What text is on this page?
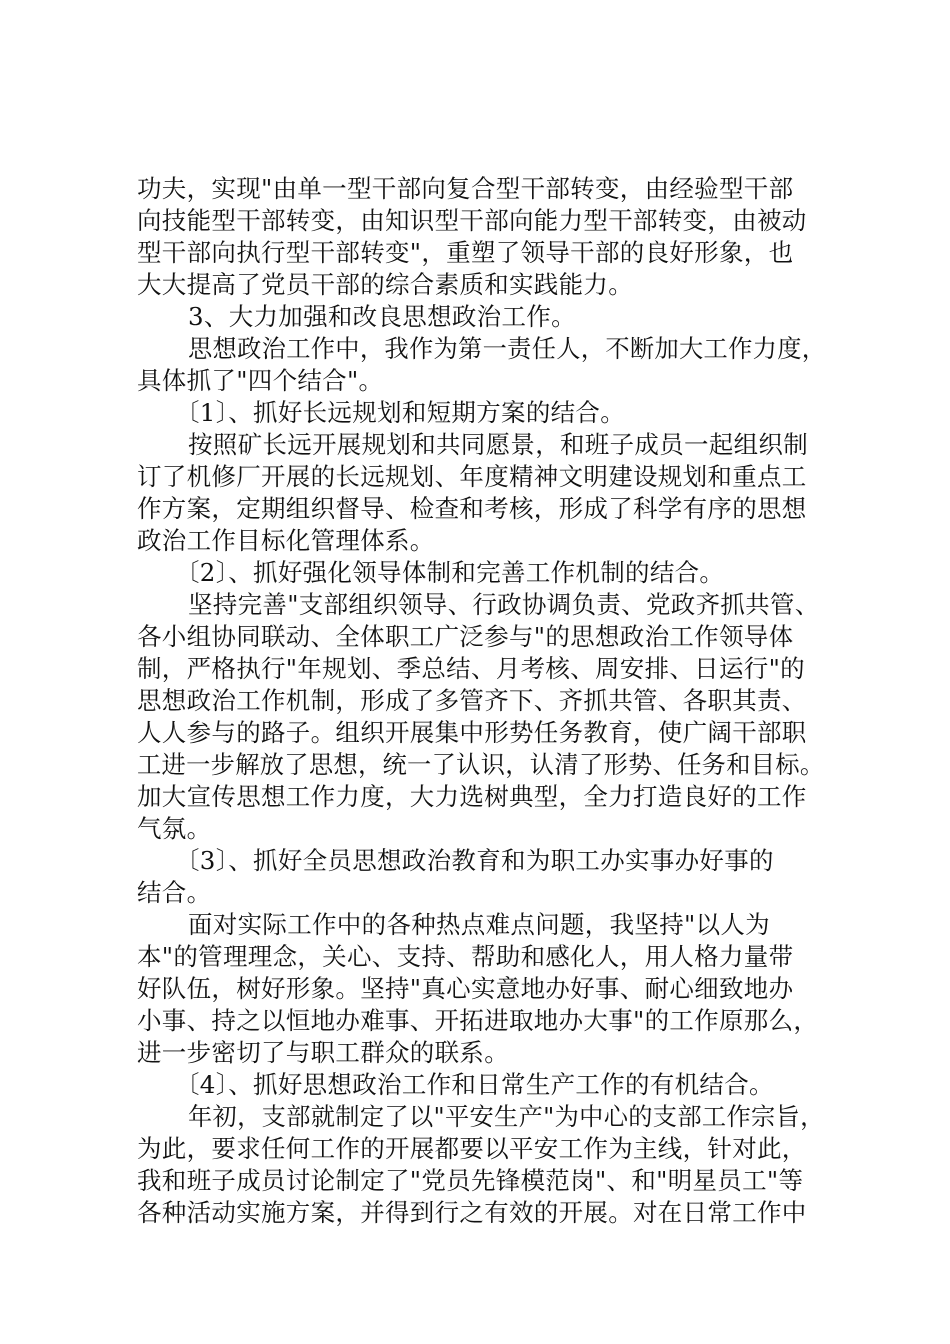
功夫，实现"由单一型干部向复合型干部转变，由经验型干部
向技能型干部转变，由知识型干部向能力型干部转变，由被动
型干部向执行型干部转变"，重塑了领导干部的良好形象，也
大大提高了党员干部的综合素质和实践能力。
3、大力加强和改良思想政治工作。
思想政治工作中，我作为第一责任人，不断加大工作力度，
具体抓了"四个结合"。
〔1〕、抓好长远规划和短期方案的结合。
按照矿长远开展规划和共同愿景，和班子成员一起组织制
订了机修厂开展的长远规划、年度精神文明建设规划和重点工
作方案，定期组织督导、检查和考核，形成了科学有序的思想
政治工作目标化管理体系。
〔2〕、抓好强化领导体制和完善工作机制的结合。
坚持完善"支部组织领导、行政协调负责、党政齐抓共管、
各小组协同联动、全体职工广泛参与"的思想政治工作领导体
制，严格执行"年规划、季总结、月考核、周安排、日运行"的
思想政治工作机制，形成了多管齐下、齐抓共管、各职其责、
人人参与的路子。组织开展集中形势任务教育，使广阔干部职
工进一步解放了思想，统一了认识，认清了形势、任务和目标。
加大宣传思想工作力度，大力选树典型，全力打造良好的工作
气氛。
〔3〕、抓好全员思想政治教育和为职工办实事办好事的
结合。
面对实际工作中的各种热点难点问题，我坚持"以人为
本"的管理理念，关心、支持、帮助和感化人，用人格力量带
好队伍，树好形象。坚持"真心实意地办好事、耐心细致地办
小事、持之以恒地办难事、开拓进取地办大事"的工作原那么，
进一步密切了与职工群众的联系。
〔4〕、抓好思想政治工作和日常生产工作的有机结合。
年初，支部就制定了以"平安生产"为中心的支部工作宗旨，
为此，要求任何工作的开展都要以平安工作为主线，针对此，
我和班子成员讨论制定了"党员先锋模范岗"、和"明星员工"等
各种活动实施方案，并得到行之有效的开展。对在日常工作中
